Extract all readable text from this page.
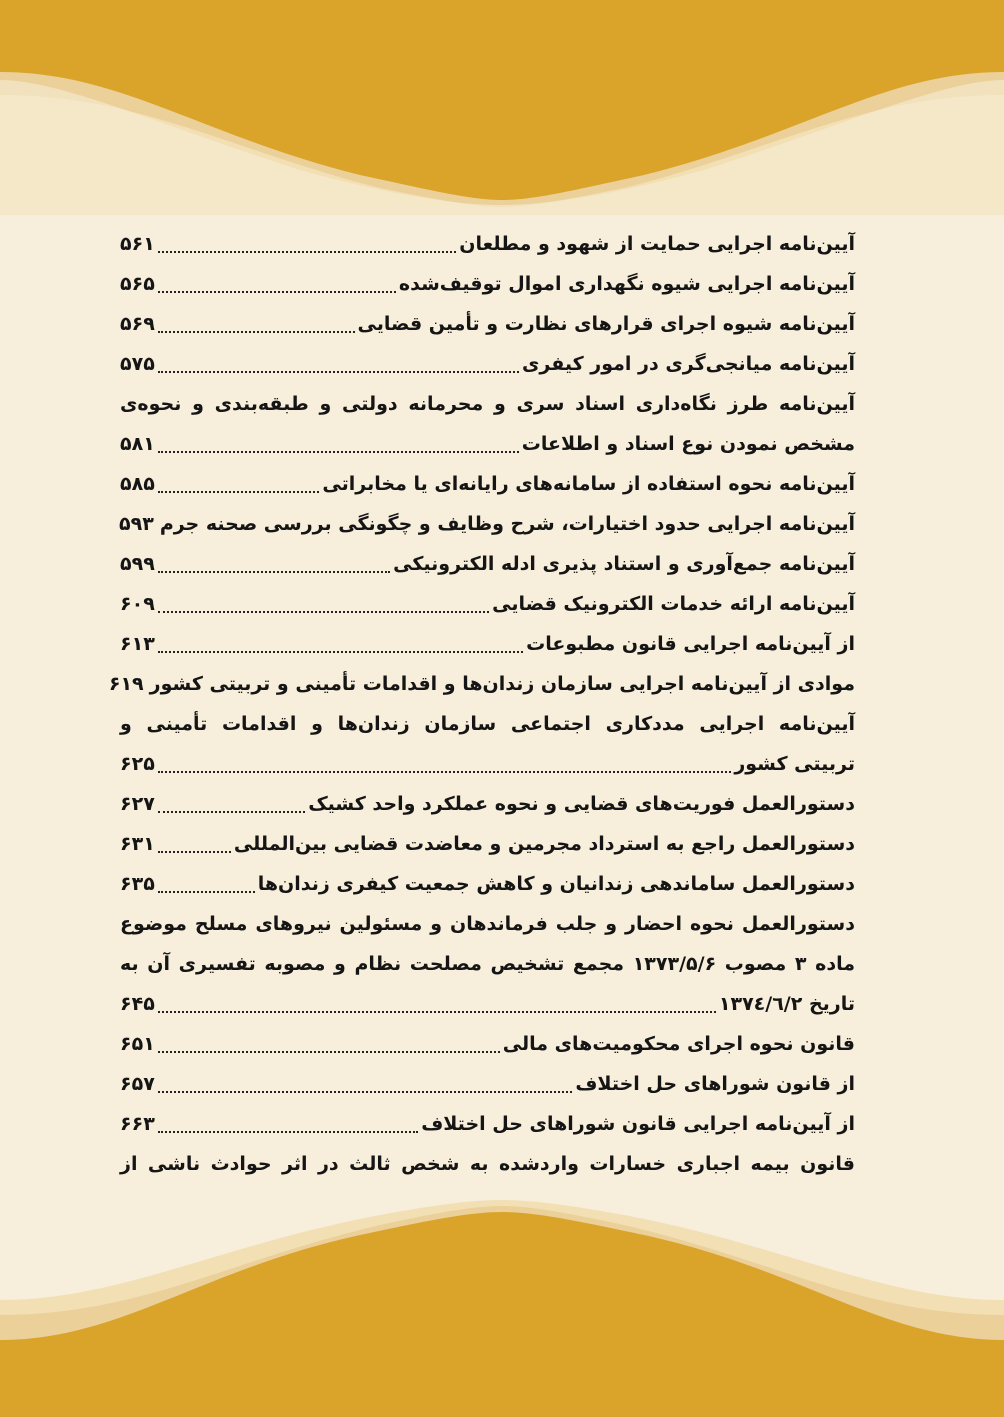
آیین‌نامه اجرایی حمایت از شهود و مطلعان
۵۶۱
آیین‌نامه اجرایی شیوه نگهداری اموال توقیف‌شده
۵۶۵
آیین‌نامه شیوه اجرای قرارهای نظارت و تأمین قضایی
۵۶۹
آیین‌نامه میانجی‌گری در امور کیفری
۵۷۵
آیین‌نامه طرز نگاه‌داری اسناد سری و محرمانه دولتی و طبقه‌بندی و نحوه‌ی
مشخص نمودن نوع اسناد و اطلاعات
۵۸۱
آیین‌نامه نحوه استفاده از سامانه‌های رایانه‌ای یا مخابراتی
۵۸۵
آیین‌نامه اجرایی حدود اختیارات، شرح وظایف و چگونگی بررسی صحنه جرم
۵۹۳
آیین‌نامه جمع‌آوری و استناد پذیری ادله الکترونیکی
۵۹۹
آیین‌نامه ارائه خدمات الکترونیک قضایی
۶۰۹
از آیین‌نامه اجرایی قانون مطبوعات
۶۱۳
موادی از آیین‌نامه اجرایی سازمان زندان‌ها و اقدامات تأمینی و تربیتی کشور
۶۱۹
آیین‌نامه اجرایی مددکاری اجتماعی سازمان زندان‌ها و اقدامات تأمینی و
تربیتی کشور
۶۲۵
دستورالعمل فوریت‌های قضایی و نحوه عملکرد واحد کشیک
۶۲۷
دستورالعمل راجع به استرداد مجرمین و معاضدت قضایی بین‌المللی
۶۳۱
دستورالعمل ساماندهی زندانیان و کاهش جمعیت کیفری زندان‌ها
۶۳۵
دستورالعمل نحوه احضار و جلب فرماندهان و مسئولین نیروهای مسلح موضوع
ماده ۳ مصوب ۱۳۷۳/۵/۶ مجمع تشخیص مصلحت نظام و مصوبه تفسیری آن به
تاریخ ۱۳۷٤/٦/۲
۶۴۵
قانون نحوه اجرای محکومیت‌های مالی
۶۵۱
از قانون شوراهای حل اختلاف
۶۵۷
از آیین‌نامه اجرایی قانون شوراهای حل اختلاف
۶۶۳
قانون بیمه اجباری خسارات واردشده به شخص ثالث در اثر حوادث ناشی از
